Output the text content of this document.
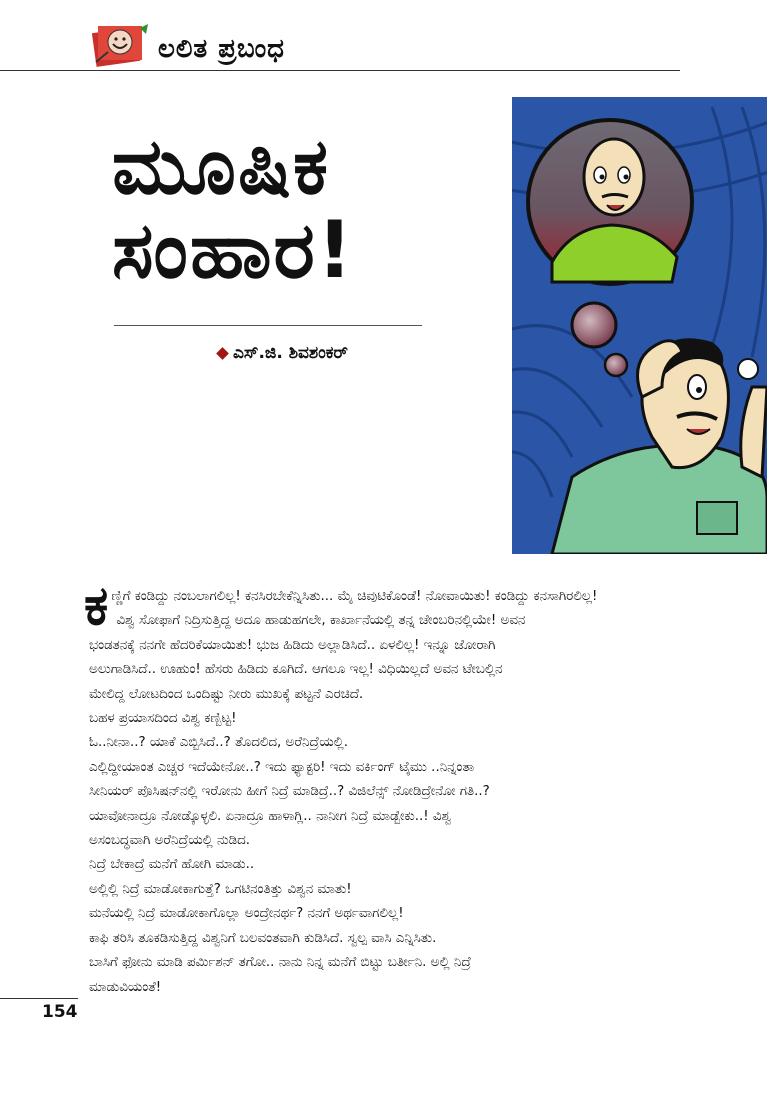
ಲಲಿತ ಪ್ರಬಂಧ
ಮೂಷಿಕ
ಸಂಹಾರ!
ಎಸ್.ಜಿ. ಶಿವಶಂಕರ್

ಕಣ್ಣಿಗೆ ಕಂಡಿದ್ದು ನಂಬಲಾಗಲಿಲ್ಲ! ಕನಸಿರಬೇಕೆನ್ನಿಸಿತು... ಮೈ ಚಿವುಟಿಕೊಂಡೆ! ನೋವಾಯಿತು! ಕಂಡಿದ್ದು ಕನಸಾಗಿರಲಿಲ್ಲ!

ವಿಶ್ವ ಸೋಫಾಗೆ ನಿದ್ರಿಸುತ್ತಿದ್ದ ಅದೂ ಹಾಡುಹಗಲೇ, ಕಾರ್ಖಾನೆಯಲ್ಲಿ ತನ್ನ ಚೇಂಬರಿನಲ್ಲಿಯೇ! ಅವನ

ಭಂಡತನಕ್ಕೆ ನನಗೇ ಹೆದರಿಕೆಯಾಯಿತು! ಭುಜ ಹಿಡಿದು ಅಲ್ಲಾಡಿಸಿದೆ.. ಏಳಲಿಲ್ಲ! ಇನ್ನೂ ಜೋರಾಗಿ

ಅಲುಗಾಡಿಸಿದೆ.. ಊಹುಂ! ಹೆಸರು ಹಿಡಿದು ಕೂಗಿದೆ. ಆಗಲೂ ಇಲ್ಲ! ವಿಧಿಯಿಲ್ಲದೆ ಅವನ ಟೇಬಲ್ಲಿನ

ಮೇಲಿದ್ದ ಲೋಟದಿಂದ ಒಂದಿಷ್ಟು ನೀರು ಮುಖಕ್ಕೆ ಪಟ್ಟನೆ ಎರಚಿದೆ.

ಬಹಳ ಪ್ರಯಾಸದಿಂದ ವಿಶ್ವ ಕಣ್ಬಿಟ್ಟ!

ಓ..ನೀನಾ..? ಯಾಕೆ ಎಬ್ಬಿಸಿದೆ..? ತೊದಲಿದ, ಅರೆನಿದ್ರೆಯಲ್ಲಿ.

ಎಲ್ಲಿದ್ದೀಯಾಂತ ಎಚ್ಚರ ಇದೆಯೇನೋ..? ಇದು ಫ್ಯಾಕ್ಟರಿ! ಇದು ವರ್ಕಿಂಗ್ ಟೈಮು ..ನಿನ್ನಂತಾ

ಸೀನಿಯರ್ ಪೊಸಿಷನ್‍ನಲ್ಲಿ ಇರೋನು ಹೀಗೆ ನಿದ್ರೆ ಮಾಡಿದ್ರೆ..? ವಿಜಿಲೆನ್ಸ್ ನೋಡಿದ್ರೇನೋ ಗತಿ..?

ಯಾವೋನಾದ್ರೂ ನೋಡ್ಕೊಳ್ಳಲಿ. ಏನಾದ್ರೂ ಹಾಳಾಗ್ಲಿ.. ನಾನೀಗ ನಿದ್ರೆ ಮಾಡ್ಬೇಕು..! ವಿಶ್ವ

ಅಸಂಬದ್ಧವಾಗಿ ಅರೆನಿದ್ರೆಯಲ್ಲಿ ನುಡಿದ.

ನಿದ್ರೆ ಬೇಕಾದ್ರೆ ಮನೆಗೆ ಹೋಗಿ ಮಾಡು..

ಅಲ್ಲಿಲ್ಲಿ ನಿದ್ರೆ ಮಾಡೋಕಾಗುತ್ತೆ? ಒಗಟಿನಂತಿತ್ತು ವಿಶ್ವನ ಮಾತು!

ಮನೆಯಲ್ಲಿ ನಿದ್ರೆ ಮಾಡೋಕಾಗೊಲ್ಲಾ ಅಂದ್ರೇನರ್ಥ? ನನಗೆ ಅರ್ಥವಾಗಲಿಲ್ಲ!

ಕಾಫಿ ತರಿಸಿ ತೂಕಡಿಸುತ್ತಿದ್ದ ವಿಶ್ವನಿಗೆ ಬಲವಂತವಾಗಿ ಕುಡಿಸಿದೆ. ಸ್ವಲ್ಪ ವಾಸಿ ಎನ್ನಿಸಿತು.

ಬಾಸಿಗೆ ಫೋನು ಮಾಡಿ ಪರ್ಮಿಶನ್ ತಗೋ.. ನಾನು ನಿನ್ನ ಮನೆಗೆ ಬಿಟ್ಟು ಬರ್ತೀನಿ. ಅಲ್ಲಿ ನಿದ್ರೆ

ಮಾಡುವಿಯಂತೆ!

154
